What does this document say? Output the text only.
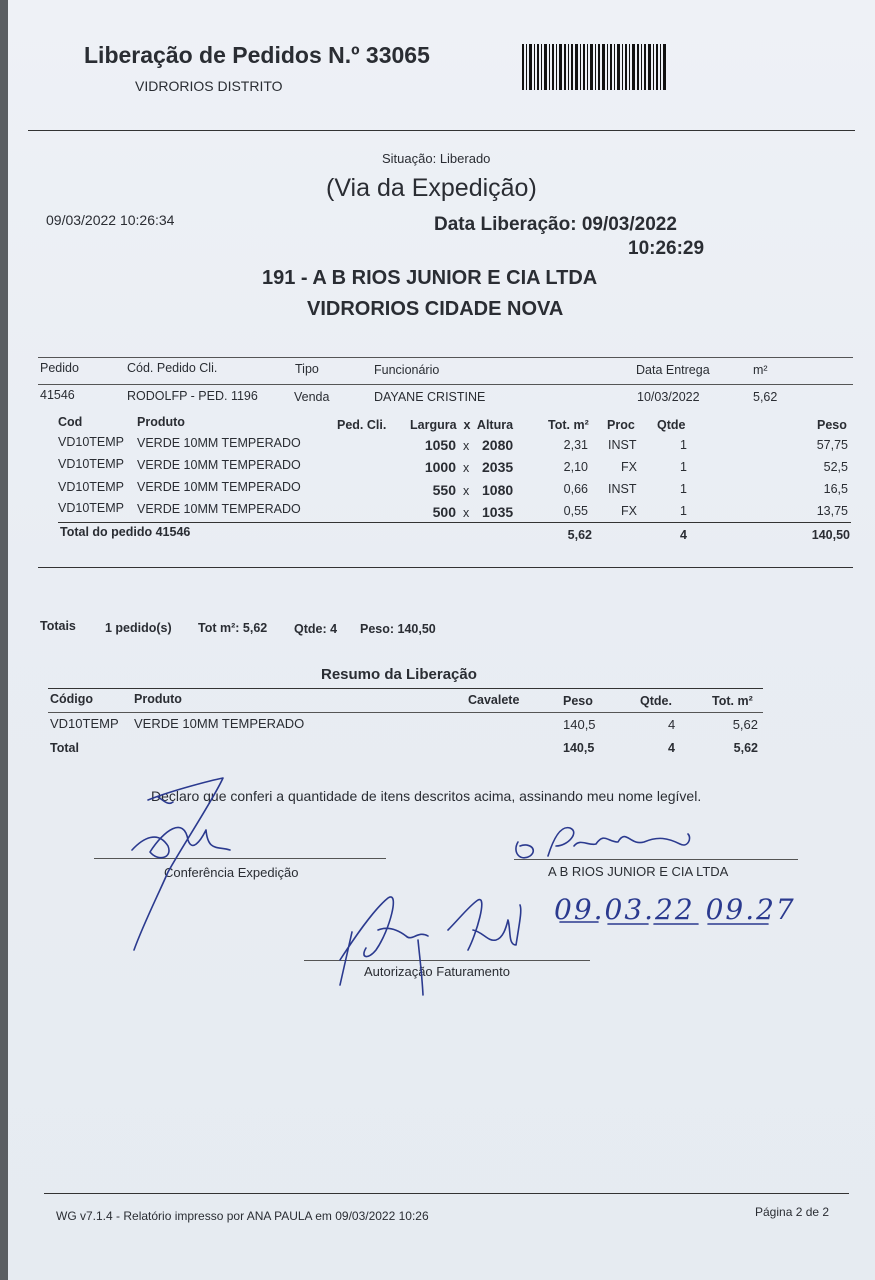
Liberação de Pedidos N.º 33065
VIDRORIOS DISTRITO
Situação: Liberado
(Via da Expedição)
09/03/2022 10:26:34	Data Liberação: 09/03/2022
10:26:29
191 - A B RIOS JUNIOR E CIA LTDA
VIDRORIOS CIDADE NOVA
Pedido	Cód. Pedido Cli.	Tipo	Funcionário	Data Entrega	m²
41546	RODOLFP - PED. 1196	Venda	DAYANE CRISTINE	10/03/2022	5,62
Cod	Produto	Ped. Cli. Largura  x  Altura	Tot. m² Proc Qtde	Peso
VD10TEMP VERDE 10MM TEMPERADO	1050 x 2080	2,31 INST	1	57,75
VD10TEMP VERDE 10MM TEMPERADO	1000 x 2035	2,10	FX	1	52,5
VD10TEMP VERDE 10MM TEMPERADO	550 x 1080	0,66 INST	1	16,5
VD10TEMP VERDE 10MM TEMPERADO	500 x 1035	0,55	FX	1	13,75
Total do pedido 41546	5,62	4	140,50
Totais 1 pedido(s) Tot m²: 5,62 Qtde: 4 Peso: 140,50
Resumo da Liberação
Código	Produto	Cavalete	Peso	Qtde.	Tot. m²
VD10TEMP VERDE 10MM TEMPERADO	140,5	4	5,62
Total	140,5	4	5,62
Declaro que conferi a quantidade de itens descritos acima, assinando meu nome legível.
Conferência Expedição	A B RIOS JUNIOR E CIA LTDA
09.03.22 09.27
Autorização Faturamento
WG v7.1.4 - Relatório impresso por ANA PAULA em 09/03/2022 10:26	Página 2 de 2
